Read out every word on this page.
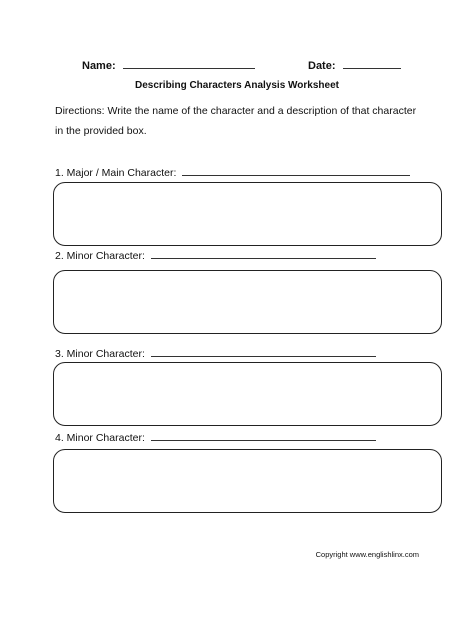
Name:	Date:
Describing Characters Analysis Worksheet
Directions: Write the name of the character and a description of that character in the provided box.
1. Major / Main Character:
2. Minor Character:
3. Minor Character:
4. Minor Character:
Copyright www.englishlinx.com
